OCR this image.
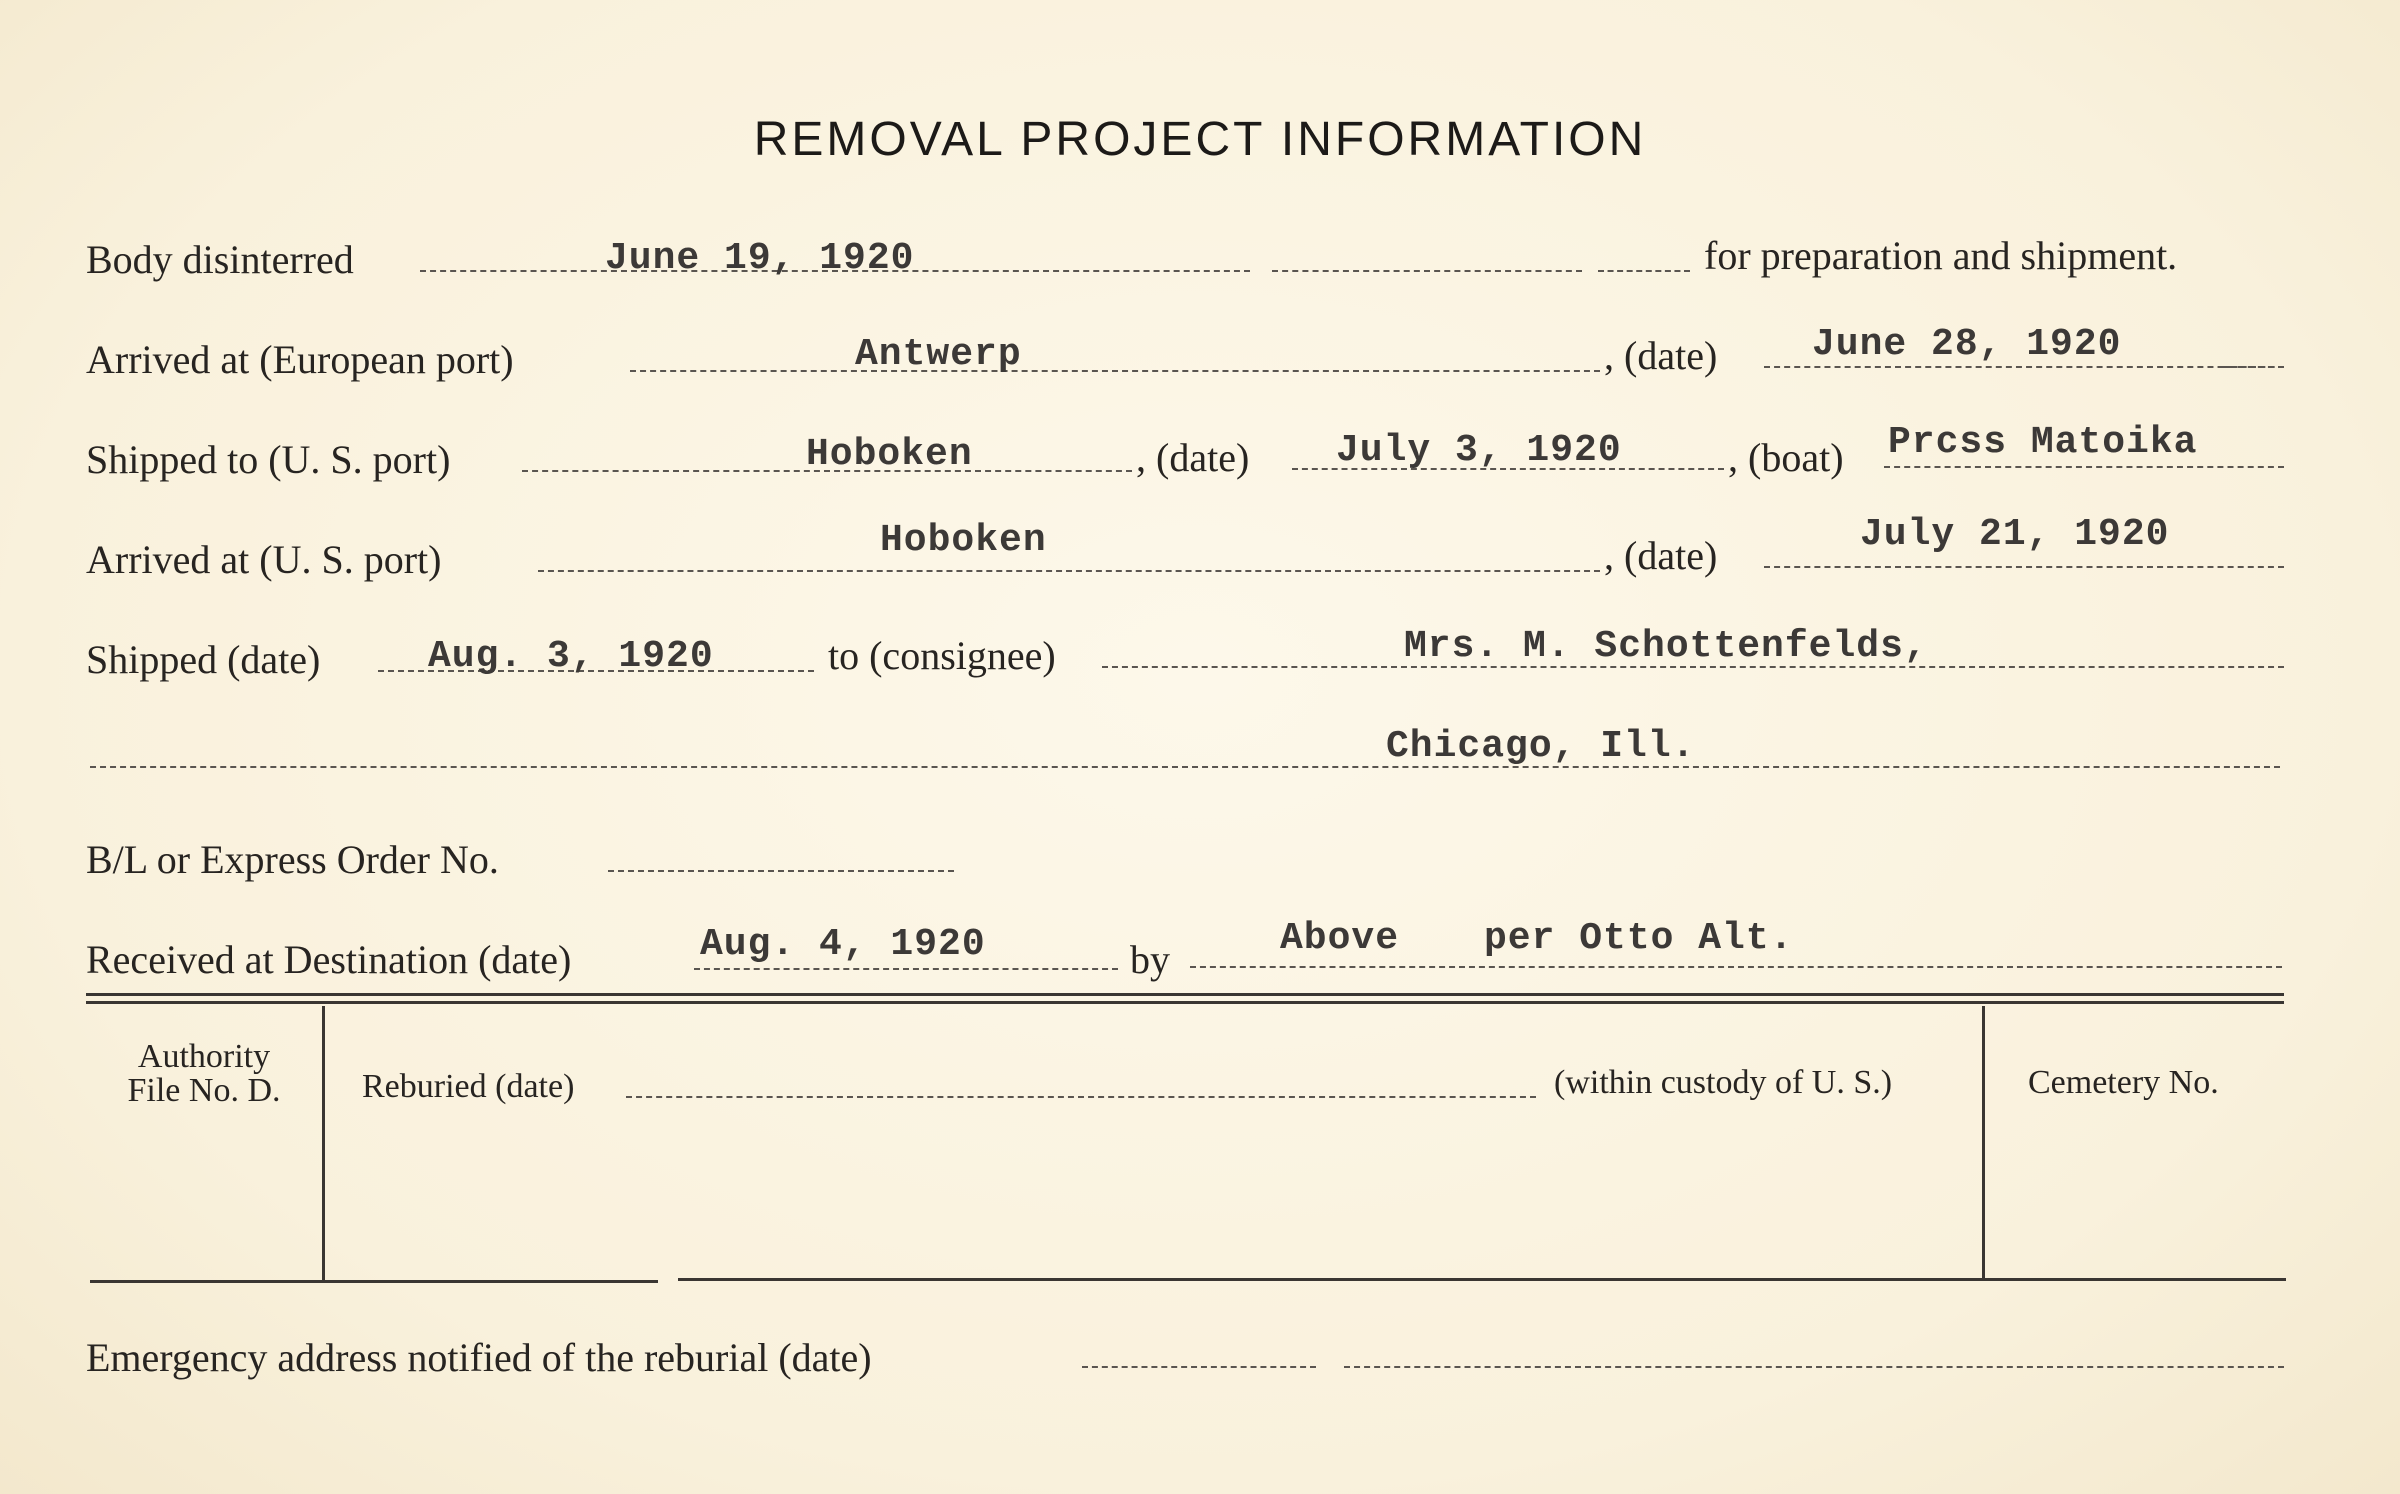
REMOVAL PROJECT INFORMATION
Body disinterred	June 19, 1920	for preparation and shipment.
Arrived at (European port)	Antwerp	, (date) June 28, 1920
Shipped to (U. S. port)	Hoboken	, (date) July 3, 1920	, (boat) Prcss Matoika
Arrived at (U. S. port)	Hoboken	, (date)	July 21, 1920
Shipped (date)	Aug. 3, 1920	to (consignee)	Mrs. M. Schottenfelds,
Chicago, Ill.
B/L or Express Order No.
Received at Destination (date)	Aug. 4, 1920	by	Above per Otto Alt.
Authority
File No. D.	Reburied (date)	(within custody of U. S.)	Cemetery No.
Emergency address notified of the reburial (date)
